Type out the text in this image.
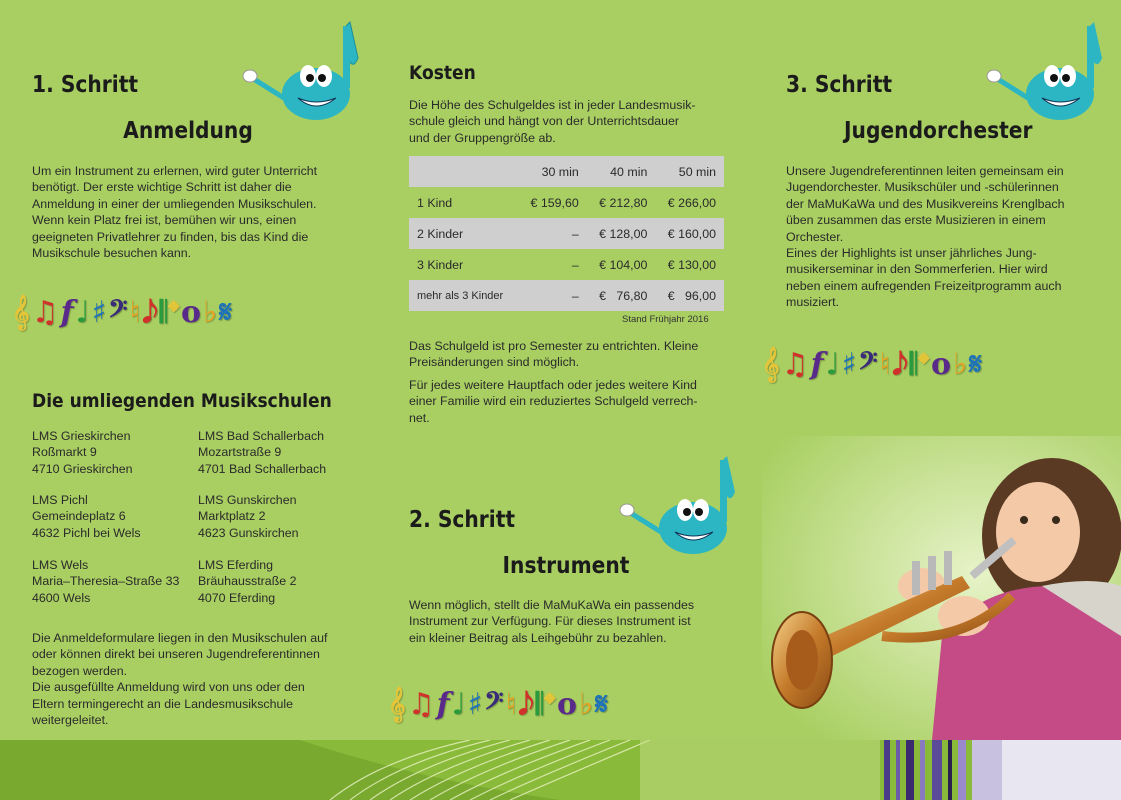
1. Schritt
Anmeldung
Um ein Instrument zu erlernen, wird guter Unterricht
benötigt. Der erste wichtige Schritt ist daher die
Anmeldung in einer der umliegenden Musikschulen.
Wenn kein Platz frei ist, bemühen wir uns, einen
geeigneten Privatlehrer zu finden, bis das Kind die
Musikschule besuchen kann.
𝄞 ♫ f ♩ ♯ 𝄢 ♮ 𝅘𝅥𝅮 𝄃 𝄌 o ♭ 𝄋
Die umliegenden Musikschulen
LMS Grieskirchen
Roßmarkt 9
4710 Grieskirchen
LMS Bad Schallerbach
Mozartstraße 9
4701 Bad Schallerbach
LMS Pichl
Gemeindeplatz 6
4632 Pichl bei Wels
LMS Gunskirchen
Marktplatz 2
4623 Gunskirchen
LMS Wels
Maria–Theresia–Straße 33
4600 Wels
LMS Eferding
Bräuhausstraße 2
4070 Eferding
Die Anmeldeformulare liegen in den Musikschulen auf
oder können direkt bei unseren Jugendreferentinnen
bezogen werden.
Die ausgefüllte Anmeldung wird von uns oder den
Eltern termingerecht an die Landesmusikschule
weitergeleitet.
Kosten
Die Höhe des Schulgeldes ist in jeder Landesmusik-
schule gleich und hängt von der Unterrichtsdauer
und der Gruppengröße ab.
	30 min	40 min	50 min
1 Kind	€ 159,60	€ 212,80	€ 266,00
2 Kinder	–	€ 128,00	€ 160,00
3 Kinder	–	€ 104,00	€ 130,00
mehr als 3 Kinder	–	€   76,80	€   96,00
Stand Frühjahr 2016
Das Schulgeld ist pro Semester zu entrichten. Kleine
Preisänderungen sind möglich.
Für jedes weitere Hauptfach oder jedes weitere Kind
einer Familie wird ein reduziertes Schulgeld verrech-
net.
2. Schritt
Instrument
Wenn möglich, stellt die MaMuKaWa ein passendes
Instrument zur Verfügung. Für dieses Instrument ist
ein kleiner Beitrag als Leihgebühr zu bezahlen.
𝄞 ♫ f ♩ ♯ 𝄢 ♮ 𝅘𝅥𝅮 𝄃 𝄌 o ♭ 𝄋
3. Schritt
Jugendorchester
Unsere Jugendreferentinnen leiten gemeinsam ein
Jugendorchester. Musikschüler und -schülerinnen
der MaMuKaWa und des Musikvereins Krenglbach
üben zusammen das erste Musizieren in einem
Orchester.
Eines der Highlights ist unser jährliches Jung-
musikerseminar in den Sommerferien. Hier wird
neben einem aufregenden Freizeitprogramm auch
musiziert.
𝄞 ♫ f ♩ ♯ 𝄢 ♮ 𝅘𝅥𝅮 𝄃 𝄌 o ♭ 𝄋
